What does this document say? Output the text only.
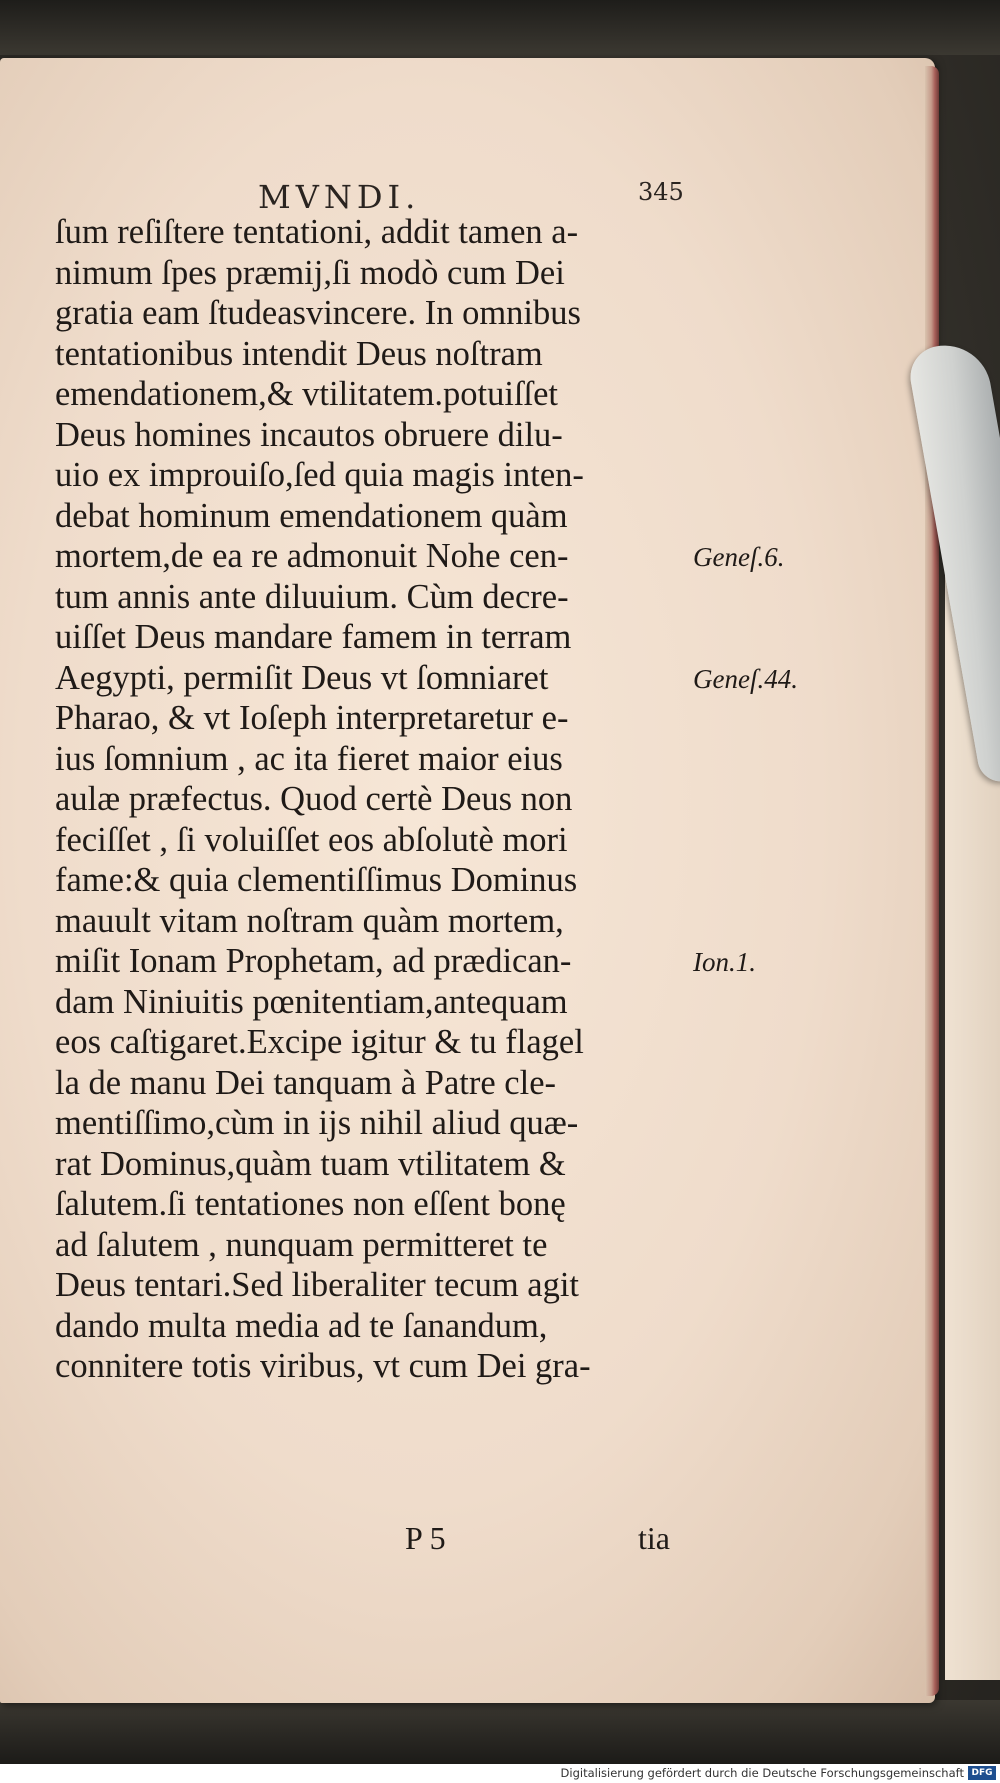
MVNDI.	345
ſum reſiſtere tentationi, addit tamen a-
nimum ſpes præmij,ſi modò cum Dei
gratia eam ſtudeasvincere. In omnibus
tentationibus intendit Deus noſtram
emendationem,& vtilitatem.potuiſſet
Deus homines incautos obruere dilu-
uio ex improuiſo,ſed quia magis inten-
debat hominum emendationem quàm
mortem,de ea re admonuit Nohe cen-
tum annis ante diluuium. Cùm decre-
uiſſet Deus mandare famem in terram
Aegypti, permiſit Deus vt ſomniaret
Pharao, & vt Ioſeph interpretaretur e-
ius ſomnium , ac ita fieret maior eius
aulæ præfectus. Quod certè Deus non
feciſſet , ſi voluiſſet eos abſolutè mori
fame:& quia clementiſſimus Dominus
mauult vitam noſtram quàm mortem,
miſit Ionam Prophetam, ad prædican-
dam Niniuitis pœnitentiam,antequam
eos caſtigaret.Excipe igitur & tu flagel
la de manu Dei tanquam à Patre cle-
mentiſſimo,cùm in ijs nihil aliud quæ-
rat Dominus,quàm tuam vtilitatem &
ſalutem.ſi tentationes non eſſent bonę
ad ſalutem , nunquam permitteret te
Deus tentari.Sed liberaliter tecum agit
dando multa media ad te ſanandum,
connitere totis viribus, vt cum Dei gra-
Geneſ.6.
Geneſ.44.
Ion.1.
P 5	tia
Digitalisierung gefördert durch die Deutsche Forschungsgemeinschaft DFG
